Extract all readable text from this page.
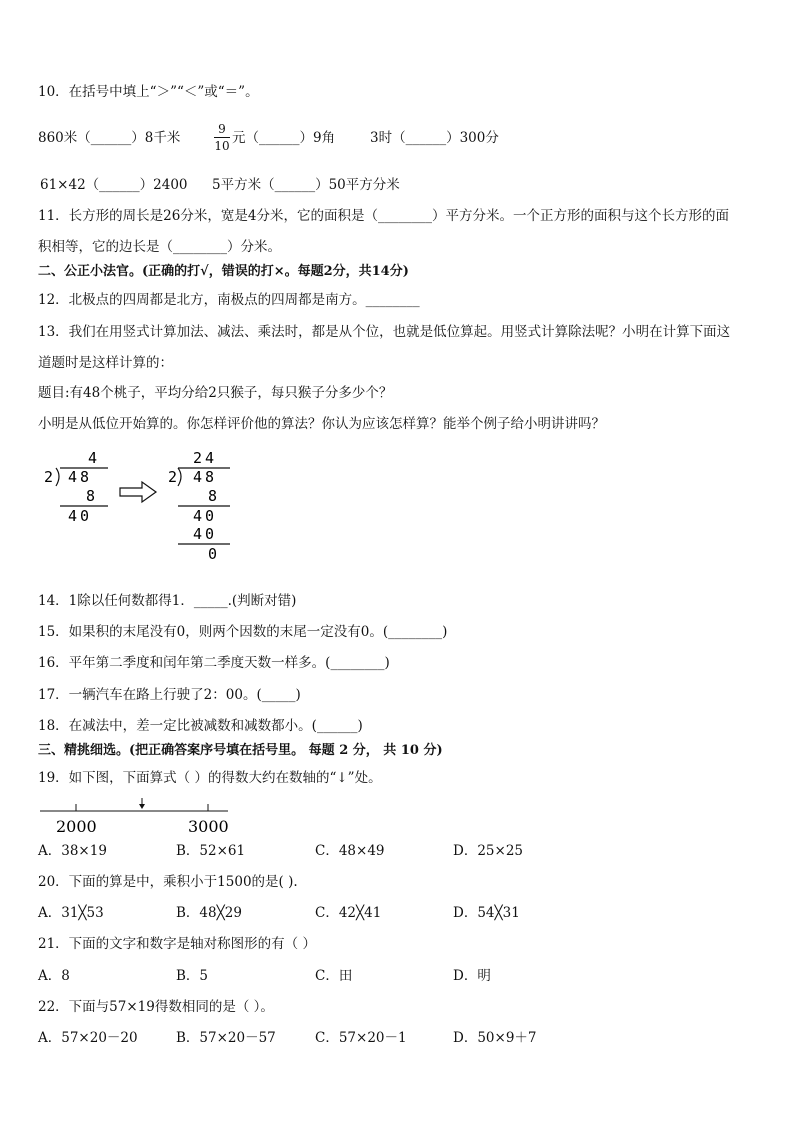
10．在括号中填上“＞”“＜”或“＝”。
860米（______）8千米	$\frac{9}{10}$ 元（______）9角	3时（______）300分
61×42（______）2400 5平方米（______）50平方分米
11．长方形的周长是26分米，宽是4分米，它的面积是（________）平方分米。一个正方形的面积与这个长方形的面
积相等，它的边长是（________）分米。
二、公正小法官。(正确的打√，错误的打×。每题2分，共14分)
12．北极点的四周都是北方，南极点的四周都是南方。________
13．我们在用竖式计算加法、减法、乘法时，都是从个位，也就是低位算起。用竖式计算除法呢？小明在计算下面这
道题时是这样计算的：
题目:有48个桃子，平均分给2只猴子，每只猴子分多少个？
小明是从低位开始算的。你怎样评价他的算法？你认为应该怎样算？能举个例子给小明讲讲吗？
4
2 48
8
40
24
2 48
8
40
40
0
14．1除以任何数都得1．_____.(判断对错)
15．如果积的末尾没有0，则两个因数的末尾一定没有0。(________)
16．平年第二季度和闰年第二季度天数一样多。(________)
17．一辆汽车在路上行驶了2：00。(_____)
18．在减法中，差一定比被减数和减数都小。(______)
三、精挑细选。(把正确答案序号填在括号里。 每题 2 分， 共 10 分)
19．如下图，下面算式（ ）的得数大约在数轴的“↓”处。
2000	3000
A．38×19	B．52×61	C．48×49	D．25×25
20．下面的算是中，乘积小于1500的是( ).
A．31╳53	B．48╳29	C．42╳41	D．54╳31
21．下面的文字和数字是轴对称图形的有（ ）
A．8	B．5	C．田	D．明
22．下面与57×19得数相同的是（ ）。
A．57×20－20	B．57×20－57	C．57×20－1	D．50×9＋7
